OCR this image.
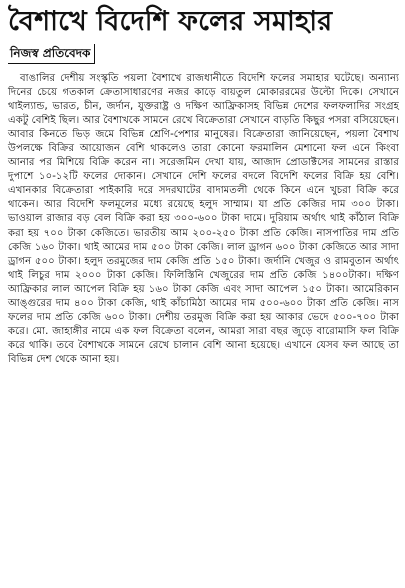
বৈশাখে বিদেশি ফলের সমাহার
নিজস্ব প্রতিবেদক

বাঙালির দেশীয় সংস্কৃতি পয়লা বৈশাখে রাজধানীতে বিদেশি ফলের সমাহার ঘটেছে। অন্যান্য দিনের চেয়ে গতকাল ক্রেতাসাধারণের নজর কাড়ে বায়তুল মোকাররমের উল্টো দিকে। সেখানে থাইল্যান্ড, ভারত, চীন, জর্দান, যুক্তরাষ্ট্র ও দক্ষিণ আফ্রিকাসহ বিভিন্ন দেশের ফলফলাদির সংগ্রহ একটু বেশিই ছিল। আর বৈশাখকে সামনে রেখে বিক্রেতারা সেখানে বাড়তি কিছুর পসরা বসিয়েছেন। আবার কিনতে ভিড় জমে বিভিন্ন শ্রেণি-পেশার মানুষের। বিক্রেতারা জানিয়েছেন, পয়লা বৈশাখ উপলক্ষে বিক্রির আয়োজন বেশি থাকলেও তারা কোনো ফরমালিন মেশানো ফল এনে কিংবা আনার পর মিশিয়ে বিক্রি করেন না। সরেজমিন দেখা যায়, আজাদ প্রোডাক্টসের সামনের রাস্তার দুপাশে ১০-১২টি ফলের দোকান। সেখানে দেশি ফলের বদলে বিদেশি ফলের বিক্রি হয় বেশি। এখানকার বিক্রেতারা পাইকারি দরে সদরঘাটের বাদামতলী থেকে কিনে এনে খুচরা বিক্রি করে থাকেন। আর বিদেশি ফলমূলের মধ্যে রয়েছে হলুদ সাম্মাম। যা প্রতি কেজির দাম ৩০০ টাকা। ভাওয়াল রাজার বড় বেল বিক্রি করা হয় ৩০০-৬০০ টাকা দামে। দুরিয়াম অর্থাৎ থাই কাঁঠাল বিক্রি করা হয় ৭০০ টাকা কেজিতে। ভারতীয় আম ২০০-২৫০ টাকা প্রতি কেজি। নাসপাতির দাম প্রতি কেজি ১৬০ টাকা। থাই আমের দাম ৫০০ টাকা কেজি। লাল ড্রাগন ৬০০ টাকা কেজিতে আর সাদা ড্রাগন ৫০০ টাকা। হলুদ তরমুজের দাম কেজি প্রতি ১৫০ টাকা। জর্দানি খেজুর ও রামবুতান অর্থাৎ থাই লিচুর দাম ২০০০ টাকা কেজি। ফিলিস্তিনি খেজুরের দাম প্রতি কেজি ১৪০০টাকা। দক্ষিণ আফ্রিকার লাল আপেল বিক্রি হয় ১৬০ টাকা কেজি এবং সাদা আপেল ১৫০ টাকা। আমেরিকান আঙ্গুরের দাম ৪০০ টাকা কেজি, থাই কাঁচামিঠা আমের দাম ৫০০-৬০০ টাকা প্রতি কেজি। নাস ফলের দাম প্রতি কেজি ৬০০ টাকা। দেশীয় তরমুজ বিক্রি করা হয় আকার ভেদে ৫০০-৭০০ টাকা করে। মো. জাহাঙ্গীর নামে এক ফল বিক্রেতা বলেন, আমরা সারা বছর জুড়ে বারোমাসি ফল বিক্রি করে থাকি। তবে বৈশাখকে সামনে রেখে চালান বেশি আনা হয়েছে। এখানে যেসব ফল আছে তা বিভিন্ন দেশ থেকে আনা হয়।
